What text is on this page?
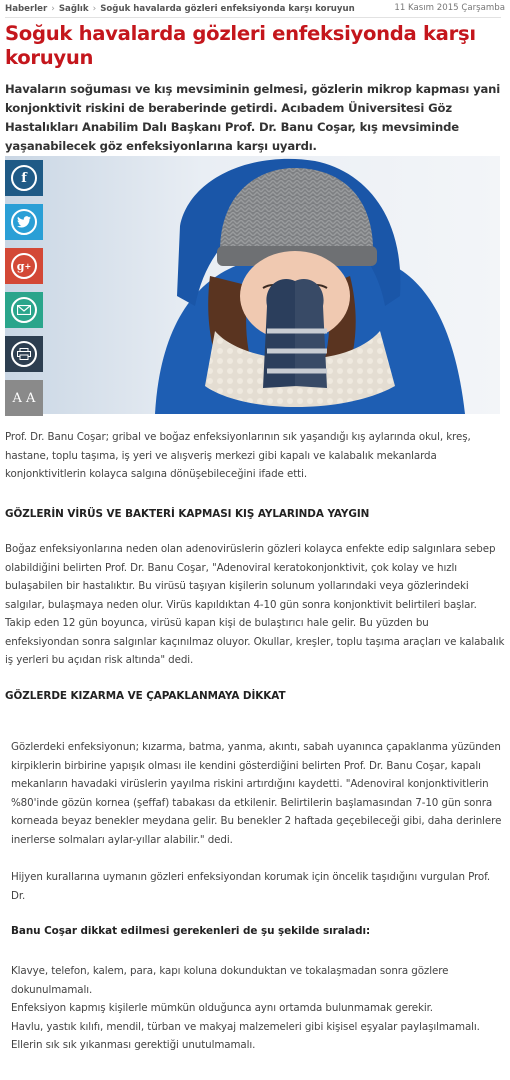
Haberler › Sağlık › Soğuk havalarda gözleri enfeksiyonda karşı koruyun	11 Kasım 2015 Çarşamba
Soğuk havalarda gözleri enfeksiyonda karşı koruyun

Havaların soğuması ve kış mevsiminin gelmesi, gözlerin mikrop kapması yani konjonktivit riskini de beraberinde getirdi. Acıbadem Üniversitesi Göz Hastalıkları Anabilim Dalı Başkanı Prof. Dr. Banu Coşar, kış mevsiminde yaşanabilecek göz enfeksiyonlarına karşı uyardı.

f
g +
A A

Prof. Dr. Banu Coşar; gribal ve boğaz enfeksiyonlarının sık yaşandığı kış aylarında okul, kreş, hastane, toplu taşıma, iş yeri ve alışveriş merkezi gibi kapalı ve kalabalık mekanlarda konjonktivitlerin kolayca salgına dönüşebileceğini ifade etti.

GÖZLERİN VİRÜS VE BAKTERİ KAPMASI KIŞ AYLARINDA YAYGIN

Boğaz enfeksiyonlarına neden olan adenovirüslerin gözleri kolayca enfekte edip salgınlara sebep olabildiğini belirten Prof. Dr. Banu Coşar, "Adenoviral keratokonjonktivit, çok kolay ve hızlı bulaşabilen bir hastalıktır. Bu virüsü taşıyan kişilerin solunum yollarındaki veya gözlerindeki salgılar, bulaşmaya neden olur. Virüs kapıldıktan 4-10 gün sonra konjonktivit belirtileri başlar. Takip eden 12 gün boyunca, virüsü kapan kişi de bulaştırıcı hale gelir. Bu yüzden bu enfeksiyondan sonra salgınlar kaçınılmaz oluyor. Okullar, kreşler, toplu taşıma araçları ve kalabalık iş yerleri bu açıdan risk altında" dedi.

GÖZLERDE KIZARMA VE ÇAPAKLANMAYA DİKKAT

Gözlerdeki enfeksiyonun; kızarma, batma, yanma, akıntı, sabah uyanınca çapaklanma yüzünden kirpiklerin birbirine yapışık olması ile kendini gösterdiğini belirten Prof. Dr. Banu Coşar, kapalı mekanların havadaki virüslerin yayılma riskini artırdığını kaydetti. "Adenoviral konjonktivitlerin %80'inde gözün kornea (şeffaf) tabakası da etkilenir. Belirtilerin başlamasından 7-10 gün sonra korneada beyaz benekler meydana gelir. Bu benekler 2 haftada geçebileceği gibi, daha derinlere inerlerse solmaları aylar-yıllar alabilir." dedi.

Hijyen kurallarına uymanın gözleri enfeksiyondan korumak için öncelik taşıdığını vurgulan Prof. Dr.

Banu Coşar dikkat edilmesi gerekenleri de şu şekilde sıraladı:
Klavye, telefon, kalem, para, kapı koluna dokunduktan ve tokalaşmadan sonra gözlere dokunulmamalı.
Enfeksiyon kapmış kişilerle mümkün olduğunca aynı ortamda bulunmamak gerekir.
Havlu, yastık kılıfı, mendil, türban ve makyaj malzemeleri gibi kişisel eşyalar paylaşılmamalı.
Ellerin sık sık yıkanması gerektiği unutulmamalı.
